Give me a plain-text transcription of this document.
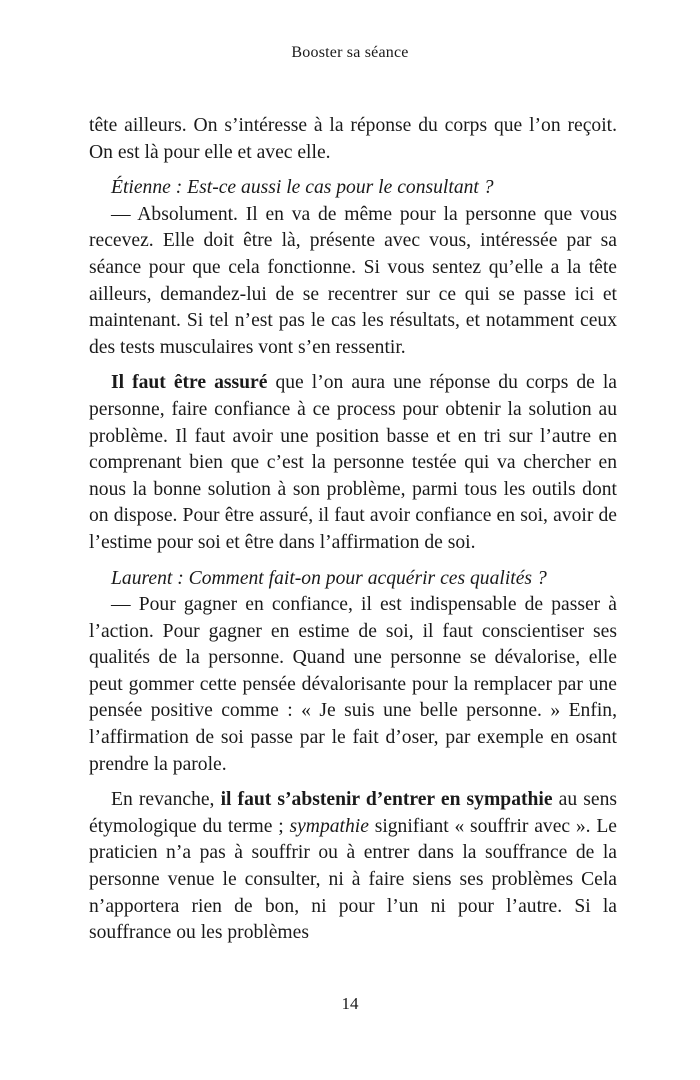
Booster sa séance

tête ailleurs. On s’intéresse à la réponse du corps que l’on reçoit. On est là pour elle et avec elle.

Étienne : Est-ce aussi le cas pour le consultant ?

— Absolument. Il en va de même pour la personne que vous recevez. Elle doit être là, présente avec vous, intéressée par sa séance pour que cela fonctionne. Si vous sentez qu’elle a la tête ailleurs, demandez-lui de se recentrer sur ce qui se passe ici et maintenant. Si tel n’est pas le cas les résultats, et notamment ceux des tests musculaires vont s’en ressentir.

Il faut être assuré que l’on aura une réponse du corps de la personne, faire confiance à ce process pour obtenir la solution au problème. Il faut avoir une position basse et en tri sur l’autre en comprenant bien que c’est la personne testée qui va chercher en nous la bonne solution à son problème, parmi tous les outils dont on dispose. Pour être assuré, il faut avoir confiance en soi, avoir de l’estime pour soi et être dans l’affirmation de soi.

Laurent : Comment fait-on pour acquérir ces qualités ?

— Pour gagner en confiance, il est indispensable de passer à l’action. Pour gagner en estime de soi, il faut conscientiser ses qualités de la personne. Quand une personne se dévalorise, elle peut gommer cette pensée dévalorisante pour la remplacer par une pensée positive comme : « Je suis une belle personne. » Enfin, l’affirmation de soi passe par le fait d’oser, par exemple en osant prendre la parole.

En revanche, il faut s’abstenir d’entrer en sympathie au sens étymologique du terme ; sympathie signifiant « souffrir avec ». Le praticien n’a pas à souffrir ou à entrer dans la souffrance de la personne venue le consulter, ni à faire siens ses problèmes Cela n’apportera rien de bon, ni pour l’un ni pour l’autre. Si la souffrance ou les problèmes

14
